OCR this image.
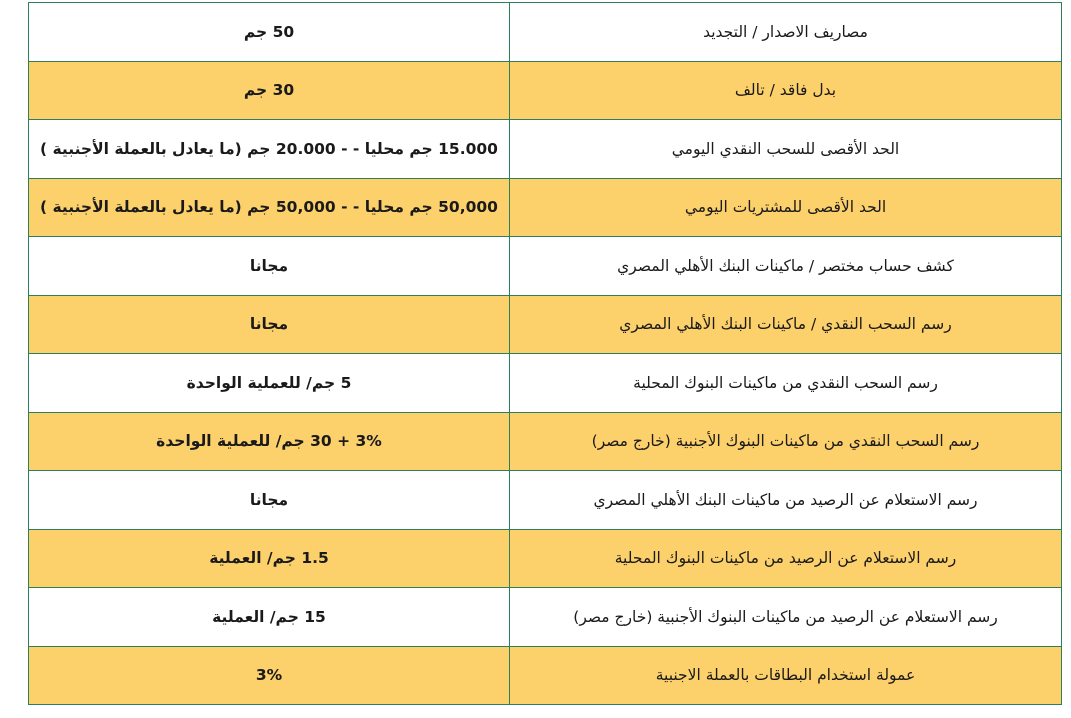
مصاريف الاصدار / التجديد	50 جم
بدل فاقد / تالف	30 جم
الحد الأقصى للسحب النقدي اليومي	15.000 جم محليا - - 20.000 جم (ما يعادل بالعملة الأجنبية )
الحد الأقصى للمشتريات اليومي	50,000 جم محليا - - 50,000 جم (ما يعادل بالعملة الأجنبية )
كشف حساب مختصر / ماكينات البنك الأهلي المصري	مجانا
رسم السحب النقدي / ماكينات البنك الأهلي المصري	مجانا
رسم السحب النقدي من ماكينات البنوك المحلية	5 جم/ للعملية الواحدة
رسم السحب النقدي من ماكينات البنوك الأجنبية (خارج مصر)	3% + 30 جم/ للعملية الواحدة
رسم الاستعلام عن الرصيد من ماكينات البنك الأهلي المصري	مجانا
رسم الاستعلام عن الرصيد من ماكينات البنوك المحلية	1.5 جم/ العملية
رسم الاستعلام عن الرصيد من ماكينات البنوك الأجنبية (خارج مصر)	15 جم/ العملية
عمولة استخدام البطاقات بالعملة الاجنبية	3%
